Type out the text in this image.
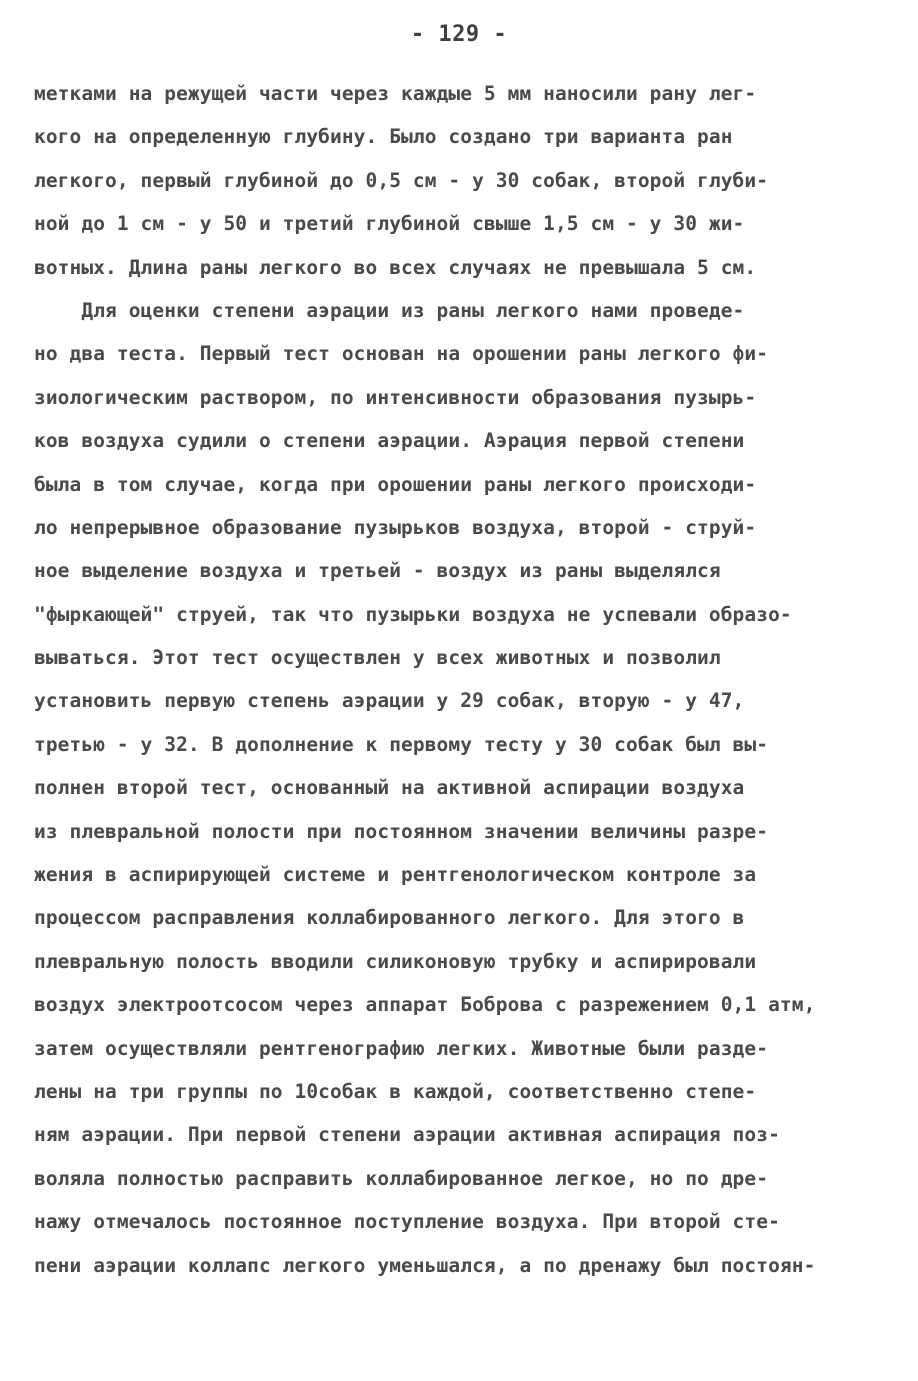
- 129 -
метками на режущей части через каждые 5 мм наносили рану лег-
кого на определенную глубину. Было создано три варианта ран
легкого, первый глубиной до 0,5 см - у 30 собак, второй глуби-
ной до 1 см - у 50 и третий глубиной свыше 1,5 см - у 30 жи-
вотных. Длина раны легкого во всех случаях не превышала 5 см.
Для оценки степени аэрации из раны легкого нами проведе-
но два теста. Первый тест основан на орошении раны легкого фи-
зиологическим раствором, по интенсивности образования пузырь-
ков воздуха судили о степени аэрации. Аэрация первой степени
была в том случае, когда при орошении раны легкого происходи-
ло непрерывное образование пузырьков воздуха, второй - струй-
ное выделение воздуха и третьей - воздух из раны выделялся
"фыркающей" струей, так что пузырьки воздуха не успевали образо-
вываться. Этот тест осуществлен у всех животных и позволил
установить первую степень аэрации у 29 собак, вторую - у 47,
третью - у 32. В дополнение к первому тесту у 30 собак был вы-
полнен второй тест, основанный на активной аспирации воздуха
из плевральной полости при постоянном значении величины разре-
жения в аспирирующей системе и рентгенологическом контроле за
процессом расправления коллабированного легкого. Для этого в
плевральную полость вводили силиконовую трубку и аспирировали
воздух электроотсосом через аппарат Боброва с разрежением 0,1 атм,
затем осуществляли рентгенографию легких. Животные были разде-
лены на три группы по 10собак в каждой, соответственно степе-
ням аэрации. При первой степени аэрации активная аспирация поз-
воляла полностью расправить коллабированное легкое, но по дре-
нажу отмечалось постоянное поступление воздуха. При второй сте-
пени аэрации коллапс легкого уменьшался, а по дренажу был постоян-
